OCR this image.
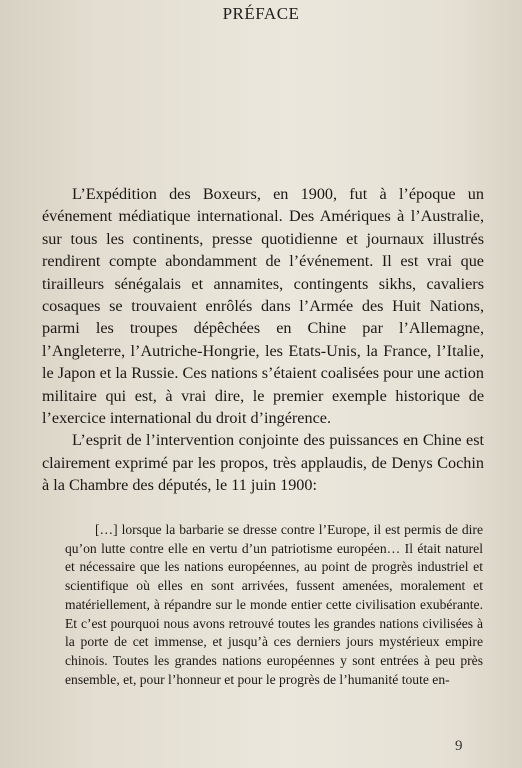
PRÉFACE

L’Expédition des Boxeurs, en 1900, fut à l’époque un événement médiatique international. Des Amériques à l’Australie, sur tous les continents, presse quotidienne et journaux illustrés rendirent compte abondamment de l’événement. Il est vrai que tirailleurs sénégalais et annamites, contingents sikhs, cavaliers cosaques se trouvaient enrôlés dans l’Armée des Huit Nations, parmi les troupes dépêchées en Chine par l’Allemagne, l’Angleterre, l’Autriche-Hongrie, les Etats-Unis, la France, l’Italie, le Japon et la Russie. Ces nations s’étaient coalisées pour une action militaire qui est, à vrai dire, le premier exemple historique de l’exercice international du droit d’ingérence.

L’esprit de l’intervention conjointe des puissances en Chine est clairement exprimé par les propos, très applaudis, de Denys Cochin à la Chambre des députés, le 11 juin 1900:

[…] lorsque la barbarie se dresse contre l’Europe, il est permis de dire qu’on lutte contre elle en vertu d’un patriotisme européen… Il était naturel et nécessaire que les nations européennes, au point de progrès industriel et scientifique où elles en sont arrivées, fussent amenées, moralement et matériellement, à répandre sur le monde entier cette civilisation exubérante. Et c’est pourquoi nous avons retrouvé toutes les grandes nations civilisées à la porte de cet immense, et jusqu’à ces derniers jours mystérieux empire chinois. Toutes les grandes nations européennes y sont entrées à peu près ensemble, et, pour l’honneur et pour le progrès de l’humanité toute en-

9
